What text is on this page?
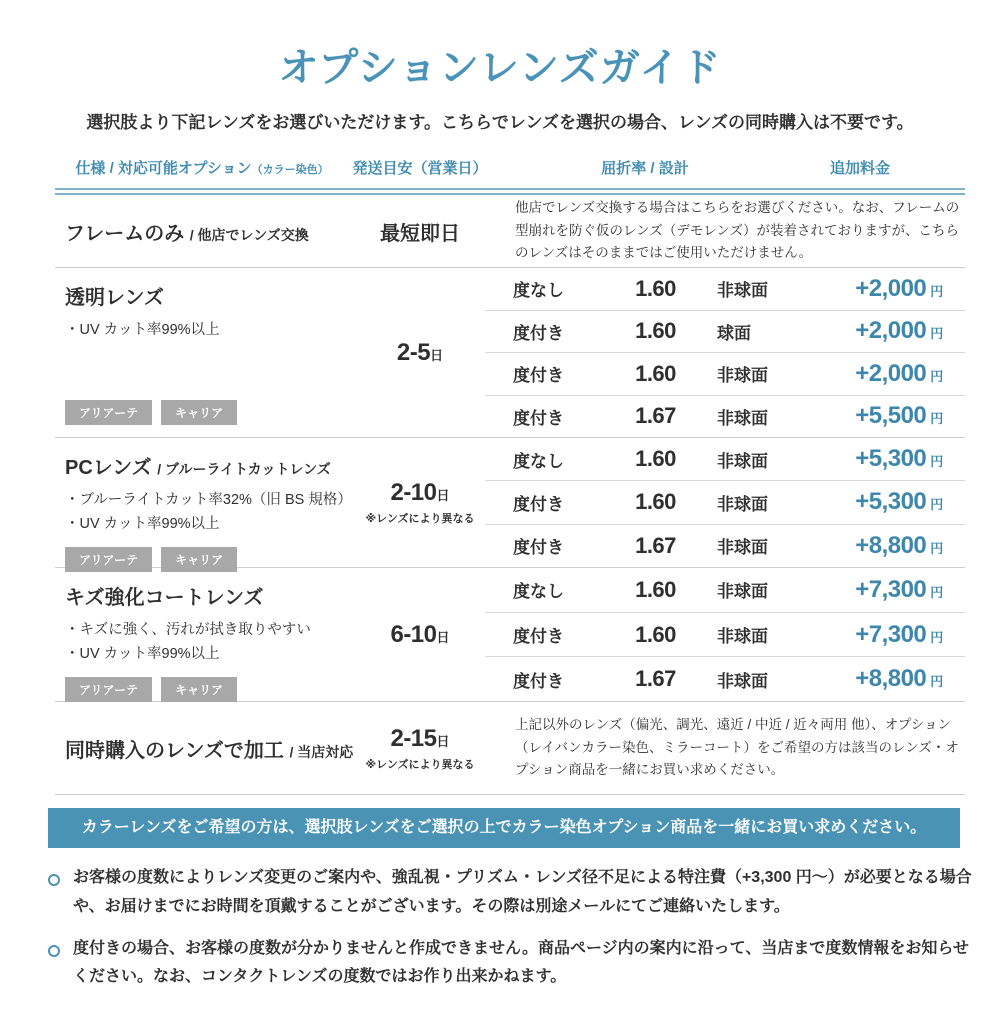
オプションレンズガイド
選択肢より下記レンズをお選びいただけます。こちらでレンズを選択の場合、レンズの同時購入は不要です。
仕様 / 対応可能オプション（カラー染色） 発送目安（営業日）	屈折率 / 設計	追加料金
フレームのみ / 他店でレンズ交換	最短即日
他店でレンズ交換する場合はこちらをお選びください。なお、フレームの型崩れを防ぐ仮のレンズ（デモレンズ）が装着されておりますが、こちらのレンズはそのままではご使用いただけません。
透明レンズ
・UV カット率99%以上
アリアーテ	キャリア
2-5日
度なし	1.60	非球面	+2,000 円
度付き	1.60	球面	+2,000 円
度付き	1.60	非球面	+2,000 円
度付き	1.67	非球面	+5,500 円
PCレンズ / ブルーライトカットレンズ
・ブルーライトカット率32%（旧 BS 規格）
・UV カット率99%以上
アリアーテ	キャリア
2-10日
※レンズにより異なる
度なし	1.60	非球面	+5,300 円
度付き	1.60	非球面	+5,300 円
度付き	1.67	非球面	+8,800 円
キズ強化コートレンズ
・キズに強く、汚れが拭き取りやすい
・UV カット率99%以上
アリアーテ	キャリア
6-10日
度なし	1.60	非球面	+7,300 円
度付き	1.60	非球面	+7,300 円
度付き	1.67	非球面	+8,800 円
同時購入のレンズで加工 / 当店対応
2-15日
※レンズにより異なる
上記以外のレンズ（偏光、調光、遠近 / 中近 / 近々両用 他）、オプション（レイバンカラー染色、ミラーコート）をご希望の方は該当のレンズ・オプション商品を一緒にお買い求めください。
カラーレンズをご希望の方は、選択肢レンズをご選択の上でカラー染色オプション商品を一緒にお買い求めください。
お客様の度数によりレンズ変更のご案内や、強乱視・プリズム・レンズ径不足による特注費（+3,300 円〜）が必要となる場合や、お届けまでにお時間を頂戴することがございます。その際は別途メールにてご連絡いたします。
度付きの場合、お客様の度数が分かりませんと作成できません。商品ページ内の案内に沿って、当店まで度数情報をお知らせください。なお、コンタクトレンズの度数ではお作り出来かねます。
